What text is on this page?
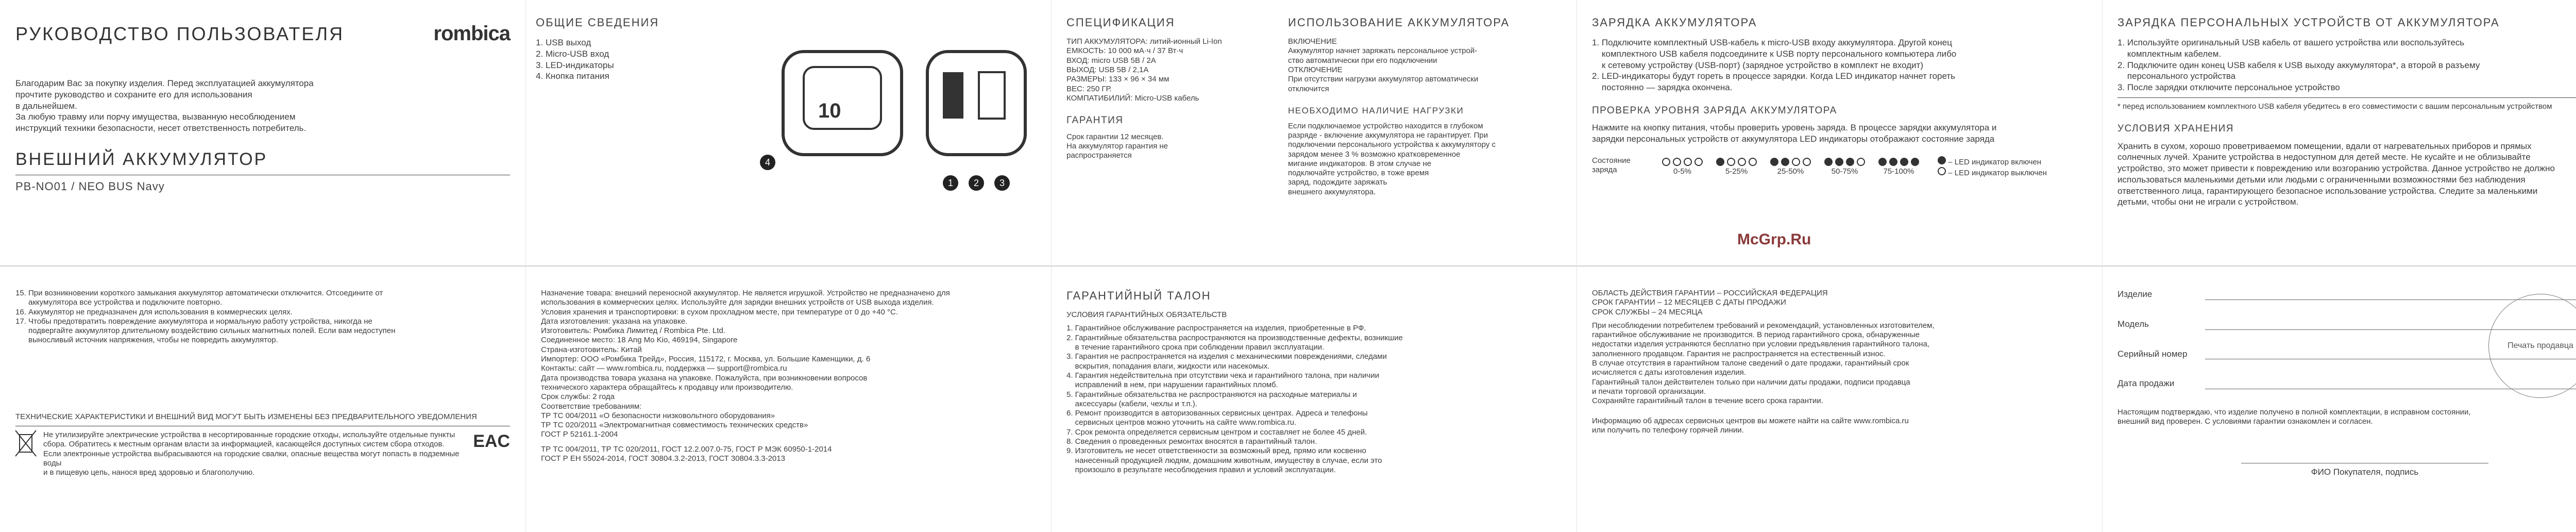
РУКОВОДСТВО ПОЛЬЗОВАТЕЛЯ	rombica
Благодарим Вас за покупку изделия. Перед эксплуатацией аккумулятора
прочтите руководство и сохраните его для использования
в дальнейшем.
За любую травму или порчу имущества, вызванную несоблюдением
инструкций техники безопасности, несет ответственность потребитель.
ВНЕШНИЙ АККУМУЛЯТОР
PB-NO01 / NEO BUS Navy
ОБЩИЕ СВЕДЕНИЯ
1. USB выход
2. Micro-USB вход
3. LED-индикаторы
4. Кнопка питания
10
4
1	2	3
СПЕЦИФИКАЦИЯ
ТИП АККУМУЛЯТОРА: литий-ионный Li-Ion
ЕМКОСТЬ: 10 000 мА·ч / 37 Вт·ч
ВХОД: micro USB 5В / 2А
ВЫХОД: USB 5В / 2,1А
РАЗМЕРЫ: 133 × 96 × 34 мм
ВЕС: 250 ГР.
КОМПАТИБИЛИЙ: Micro-USB кабель
ГАРАНТИЯ
Срок гарантии 12 месяцев.
На аккумулятор гарантия не
распространяется
ИСПОЛЬЗОВАНИЕ АККУМУЛЯТОРА
ВКЛЮЧЕНИЕ
Аккумулятор начнет заряжать персональное устрой-
ство автоматически при его подключении
ОТКЛЮЧЕНИЕ
При отсутствии нагрузки аккумулятор автоматически
отключится
НЕОБХОДИМО НАЛИЧИЕ НАГРУЗКИ
Если подключаемое устройство находится в глубоком
разряде - включение аккумулятора не гарантирует. При
подключении персонального устройства к аккумулятору с
зарядом менее 3 % возможно кратковременное
мигание индикаторов. В этом случае не
подключайте устройство, в тоже время
заряд, подождите заряжать
внешнего аккумулятора.
ЗАРЯДКА АККУМУЛЯТОРА
1. Подключите комплектный USB-кабель к micro-USB входу аккумулятора. Другой конец
комплектного USB кабеля подсоедините к USB порту персонального компьютера либо
к сетевому устройству (USB-порт) (зарядное устройство в комплект не входит)
2. LED-индикаторы будут гореть в процессе зарядки. Когда LED индикатор начнет гореть
постоянно — зарядка окончена.
ПРОВЕРКА УРОВНЯ ЗАРЯДА АККУМУЛЯТОРА
Нажмите на кнопку питания, чтобы проверить уровень заряда. В процессе зарядки аккумулятора и
зарядки персональных устройств от аккумулятора LED индикаторы отображают состояние заряда
Состояние
заряда	0-5%	5-25%	25-50%	50-75%	75-100%
– LED индикатор включен
– LED индикатор выключен
ЗАРЯДКА ПЕРСОНАЛЬНЫХ УСТРОЙСТВ ОТ АККУМУЛЯТОРА
1. Используйте оригинальный USB кабель от вашего устройства или воспользуйтесь
комплектным кабелем.
2. Подключите один конец USB кабеля к USB выходу аккумулятора*, а второй в разъему
персонального устройства
3. После зарядки отключите персональное устройство
* перед использованием комплектного USB кабеля убедитесь в его совместимости с вашим персональным устройством
УСЛОВИЯ ХРАНЕНИЯ
Хранить в сухом, хорошо проветриваемом помещении, вдали от нагревательных приборов и прямых
солнечных лучей. Храните устройства в недоступном для детей месте. Не кусайте и не облизывайте
устройство, это может привести к повреждению или возгоранию устройства. Данное устройство не должно
использоваться маленькими детьми или людьми с ограниченными возможностями без наблюдения
ответственного лица, гарантирующего безопасное использование устройства. Следите за маленькими
детьми, чтобы они не играли с устройством.
15. При возникновении короткого замыкания аккумулятор автоматически отключится. Отсоедините от
аккумулятора все устройства и подключите повторно.
16. Аккумулятор не предназначен для использования в коммерческих целях.
17. Чтобы предотвратить повреждение аккумулятора и нормальную работу устройства, никогда не
подвергайте аккумулятор длительному воздействию сильных магнитных полей. Если вам недоступен
выносливый источник напряжения, чтобы не повредить аккумулятор.
ТЕХНИЧЕСКИЕ ХАРАКТЕРИСТИКИ И ВНЕШНИЙ ВИД МОГУТ БЫТЬ ИЗМЕНЕНЫ БЕЗ ПРЕДВАРИТЕЛЬНОГО УВЕДОМЛЕНИЯ
Не утилизируйте электрические устройства в несортированные городские отходы, используйте отдельные пункты
сбора. Обратитесь к местным органам власти за информацией, касающейся доступных систем сбора отходов.
Если электронные устройства выбрасываются на городские свалки, опасные вещества могут попасть в подземные воды
и в пищевую цепь, нанося вред здоровью и благополучию.
EAC
Назначение товара: внешний переносной аккумулятор. Не является игрушкой. Устройство не предназначено для
использования в коммерческих целях. Используйте для зарядки внешних устройств от USB выхода изделия.
Условия хранения и транспортировки: в сухом прохладном месте, при температуре от 0 до +40 °С.
Дата изготовления: указана на упаковке.
Изготовитель: Ромбика Лимитед / Rombica Pte. Ltd.
Соединенное место: 18 Ang Mo Kio, 469194, Singapore
Страна-изготовитель: Китай
Импортер: ООО «Ромбика Трейд», Россия, 115172, г. Москва, ул. Большие Каменщики, д. 6
Контакты: сайт — www.rombica.ru, поддержка — support@rombica.ru
Дата производства товара указана на упаковке. Пожалуйста, при возникновении вопросов
технического характера обращайтесь к продавцу или производителю.
Срок службы: 2 года
Соответствие требованиям:
ТР ТС 004/2011 «О безопасности низковольтного оборудования»
ТР ТС 020/2011 «Электромагнитная совместимость технических средств»
ГОСТ Р 52161.1-2004
ТР ТС 004/2011, ТР ТС 020/2011, ГОСТ 12.2.007.0-75, ГОСТ Р МЭК 60950-1-2014
ГОСТ Р ЕН 55024-2014, ГОСТ 30804.3.2-2013, ГОСТ 30804.3.3-2013
ГАРАНТИЙНЫЙ ТАЛОН
УСЛОВИЯ ГАРАНТИЙНЫХ ОБЯЗАТЕЛЬСТВ
1. Гарантийное обслуживание распространяется на изделия, приобретенные в РФ.
2. Гарантийные обязательства распространяются на производственные дефекты, возникшие
в течение гарантийного срока при соблюдении правил эксплуатации.
3. Гарантия не распространяется на изделия с механическими повреждениями, следами
вскрытия, попадания влаги, жидкости или насекомых.
4. Гарантия недействительна при отсутствии чека и гарантийного талона, при наличии
исправлений в нем, при нарушении гарантийных пломб.
5. Гарантийные обязательства не распространяются на расходные материалы и
аксессуары (кабели, чехлы и т.п.).
6. Ремонт производится в авторизованных сервисных центрах. Адреса и телефоны
сервисных центров можно уточнить на сайте www.rombica.ru.
7. Срок ремонта определяется сервисным центром и составляет не более 45 дней.
8. Сведения о проведенных ремонтах вносятся в гарантийный талон.
9. Изготовитель не несет ответственности за возможный вред, прямо или косвенно
нанесенный продукцией людям, домашним животным, имуществу в случае, если это
произошло в результате несоблюдения правил и условий эксплуатации.
ОБЛАСТЬ ДЕЙСТВИЯ ГАРАНТИИ – РОССИЙСКАЯ ФЕДЕРАЦИЯ
СРОК ГАРАНТИИ – 12 МЕСЯЦЕВ С ДАТЫ ПРОДАЖИ
СРОК СЛУЖБЫ – 24 МЕСЯЦА
При несоблюдении потребителем требований и рекомендаций, установленных изготовителем,
гарантийное обслуживание не производится. В период гарантийного срока, обнаруженные
недостатки изделия устраняются бесплатно при условии предъявления гарантийного талона,
заполненного продавцом. Гарантия не распространяется на естественный износ.
В случае отсутствия в гарантийном талоне сведений о дате продажи, гарантийный срок
исчисляется с даты изготовления изделия.
Гарантийный талон действителен только при наличии даты продажи, подписи продавца
и печати торговой организации.
Сохраняйте гарантийный талон в течение всего срока гарантии.
Информацию об адресах сервисных центров вы можете найти на сайте www.rombica.ru
или получить по телефону горячей линии.
Изделие
Модель
Серийный номер
Дата продажи
Печать продавца
Настоящим подтверждаю, что изделие получено в полной комплектации, в исправном состоянии,
внешний вид проверен. С условиями гарантии ознакомлен и согласен.
ФИО Покупателя, подпись

McGrp.Ru
